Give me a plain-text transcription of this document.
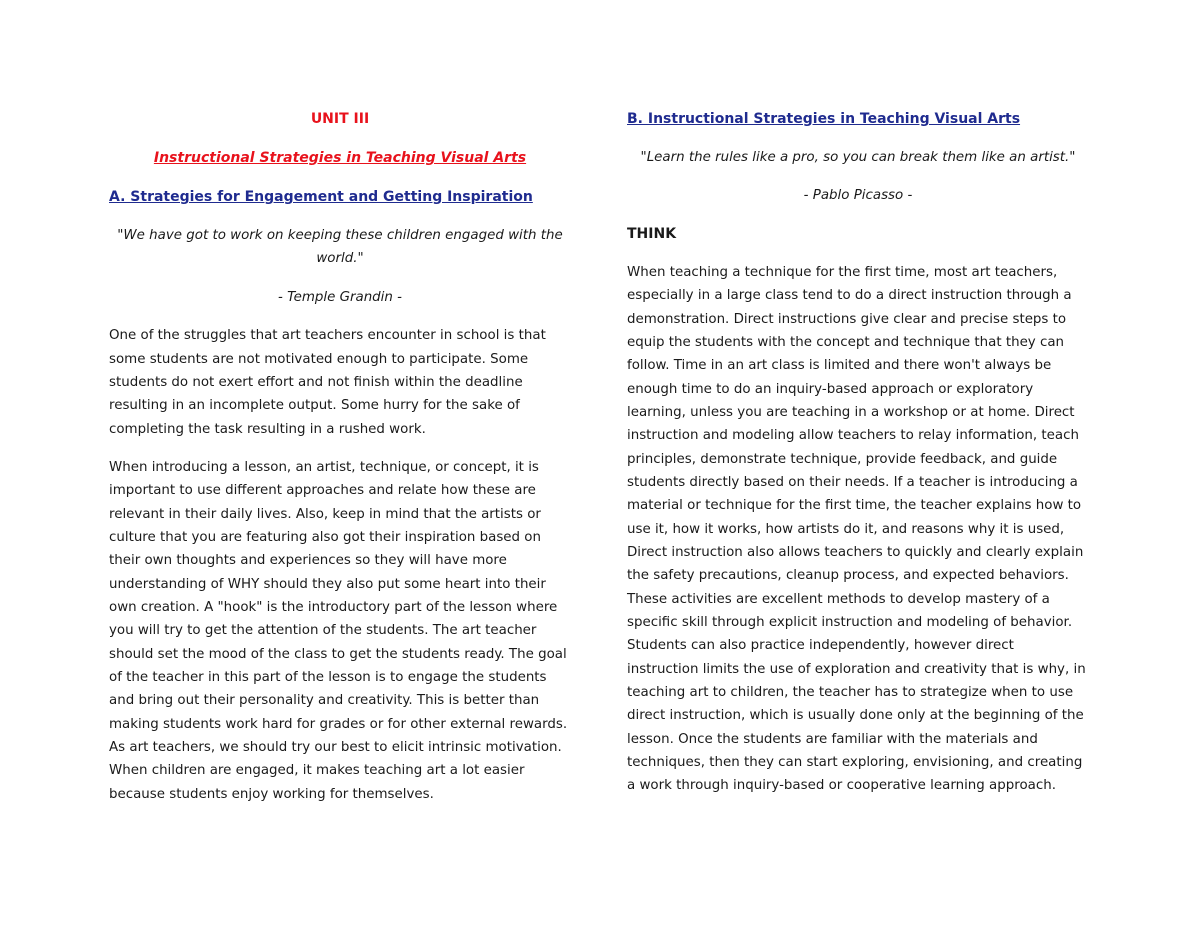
UNIT III

Instructional Strategies in Teaching Visual Arts

A. Strategies for Engagement and Getting Inspiration

"We have got to work on keeping these children engaged with the world."

- Temple Grandin -

One of the struggles that art teachers encounter in school is that some students are not motivated enough to participate. Some students do not exert effort and not finish within the deadline resulting in an incomplete output. Some hurry for the sake of completing the task resulting in a rushed work.

When introducing a lesson, an artist, technique, or concept, it is important to use different approaches and relate how these are relevant in their daily lives. Also, keep in mind that the artists or culture that you are featuring also got their inspiration based on their own thoughts and experiences so they will have more understanding of WHY should they also put some heart into their own creation. A "hook" is the introductory part of the lesson where you will try to get the attention of the students. The art teacher should set the mood of the class to get the students ready. The goal of the teacher in this part of the lesson is to engage the students and bring out their personality and creativity. This is better than making students work hard for grades or for other external rewards. As art teachers, we should try our best to elicit intrinsic motivation. When children are engaged, it makes teaching art a lot easier because students enjoy working for themselves.

B. Instructional Strategies in Teaching Visual Arts

"Learn the rules like a pro, so you can break them like an artist."

- Pablo Picasso -

THINK

When teaching a technique for the first time, most art teachers, especially in a large class tend to do a direct instruction through a demonstration. Direct instructions give clear and precise steps to equip the students with the concept and technique that they can follow. Time in an art class is limited and there won't always be enough time to do an inquiry-based approach or exploratory learning, unless you are teaching in a workshop or at home. Direct instruction and modeling allow teachers to relay information, teach principles, demonstrate technique, provide feedback, and guide students directly based on their needs. If a teacher is introducing a material or technique for the first time, the teacher explains how to use it, how it works, how artists do it, and reasons why it is used, Direct instruction also allows teachers to quickly and clearly explain the safety precautions, cleanup process, and expected behaviors. These activities are excellent methods to develop mastery of a specific skill through explicit instruction and modeling of behavior. Students can also practice independently, however direct instruction limits the use of exploration and creativity that is why, in teaching art to children, the teacher has to strategize when to use direct instruction, which is usually done only at the beginning of the lesson. Once the students are familiar with the materials and techniques, then they can start exploring, envisioning, and creating a work through inquiry-based or cooperative learning approach.
